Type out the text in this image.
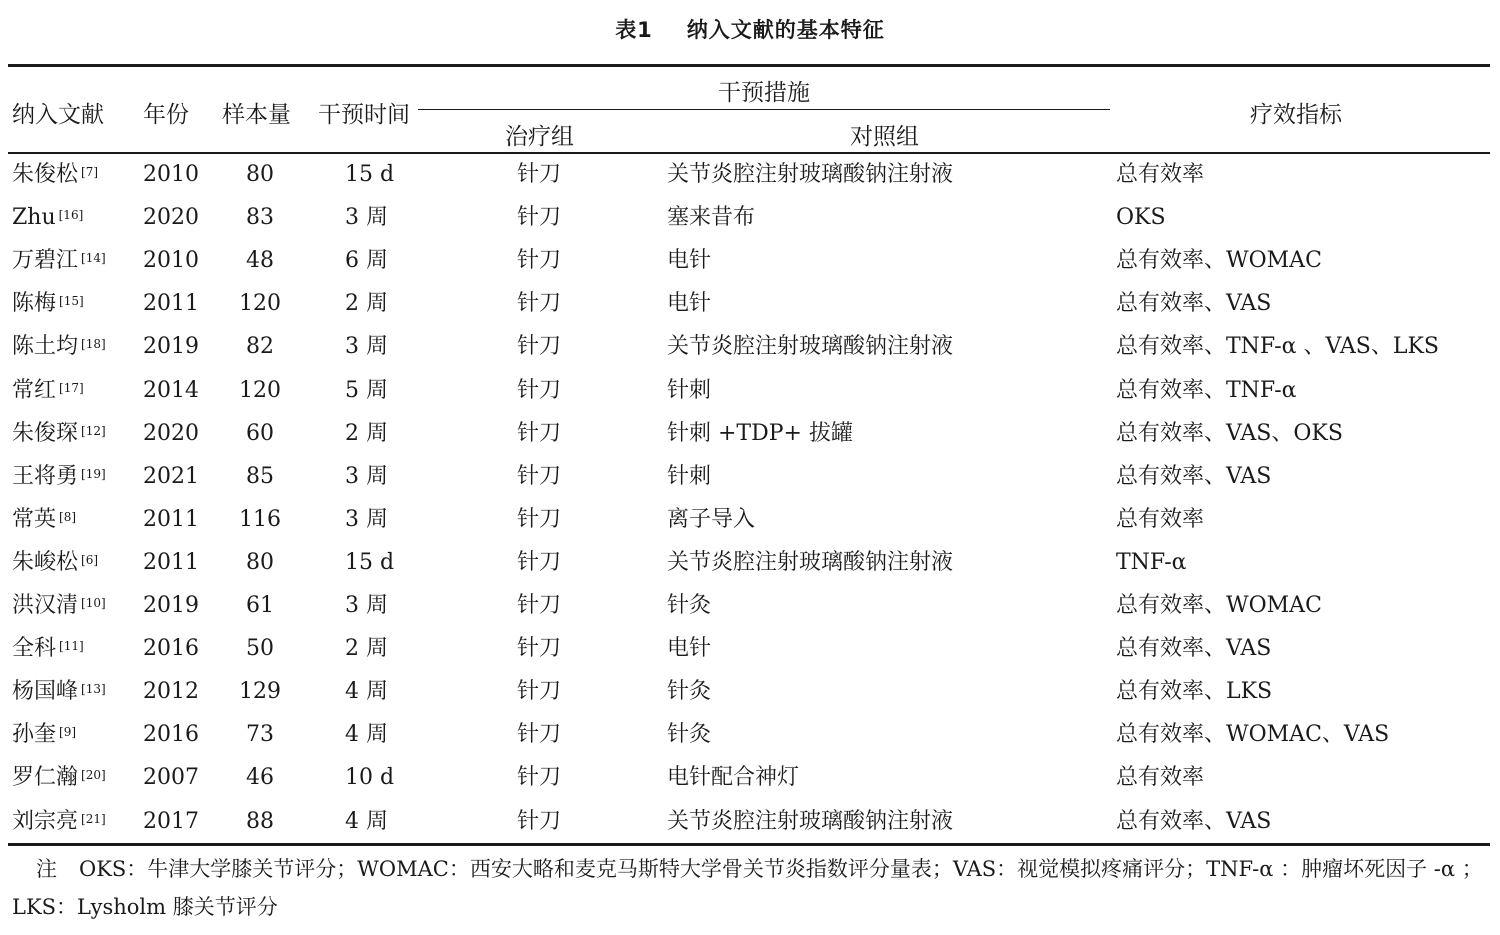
表1 纳入文献的基本特征
纳入文献 年份 样本量 干预时间
干预措施
治疗组	对照组
疗效指标
朱俊松 [7] 2010	80	15 d	针刀	关节炎腔注射玻璃酸钠注射液	总有效率
Zhu [16]	2020	83	3 周	针刀	塞来昔布	OKS
万碧江 [14] 2010	48	6 周	针刀	电针	总有效率、WOMAC
陈梅 [15]	2011	120	2 周	针刀	电针	总有效率、VAS
陈土均 [18] 2019	82	3 周	针刀	关节炎腔注射玻璃酸钠注射液	总有效率、TNF-α 、VAS、LKS
常红 [17]	2014	120	5 周	针刀	针刺	总有效率、TNF-α
朱俊琛 [12] 2020	60	2 周	针刀	针刺 +TDP+ 拔罐	总有效率、VAS、OKS
王将勇 [19] 2021	85	3 周	针刀	针刺	总有效率、VAS
常英 [8]	2011	116	3 周	针刀	离子导入	总有效率
朱峻松 [6] 2011	80	15 d	针刀	关节炎腔注射玻璃酸钠注射液	TNF-α
洪汉清 [10] 2019	61	3 周	针刀	针灸	总有效率、WOMAC
全科 [11]	2016	50	2 周	针刀	电针	总有效率、VAS
杨国峰 [13] 2012	129	4 周	针刀	针灸	总有效率、LKS
孙奎 [9]	2016	73	4 周	针刀	针灸	总有效率、WOMAC、VAS
罗仁瀚 [20] 2007	46	10 d	针刀	电针配合神灯	总有效率
刘宗亮 [21] 2017	88	4 周	针刀	关节炎腔注射玻璃酸钠注射液	总有效率、VAS
注 OKS：牛津大学膝关节评分；WOMAC：西安大略和麦克马斯特大学骨关节炎指数评分量表；VAS：视觉模拟疼痛评分；TNF-α ：肿瘤坏死因子 -α ；LKS：Lysholm 膝关节评分
